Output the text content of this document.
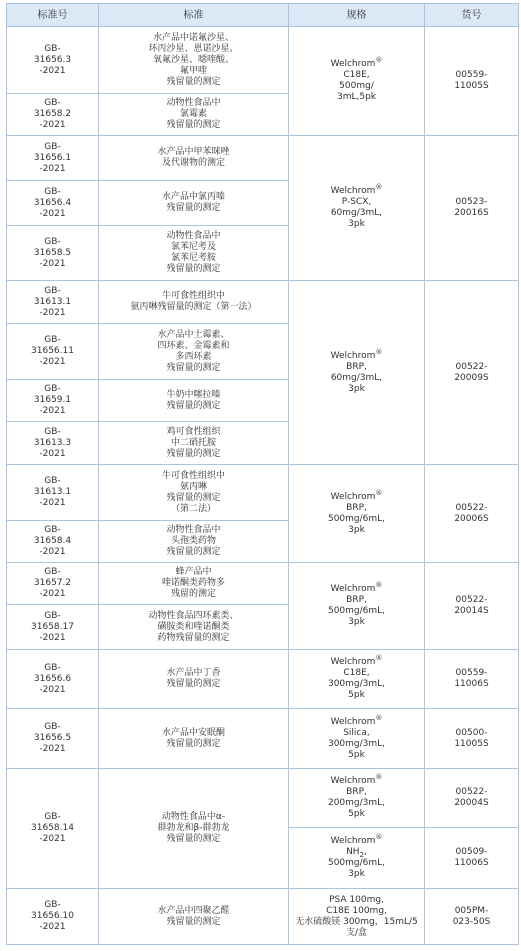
标准号	标准	规格	货号

GB-
31656.3
-2021	水产品中诺氟沙星、
环丙沙星、恩诺沙星、
氧氟沙星、噁喹酸、
氟甲喹
残留量的测定	Welchrom®
C18E,
500mg/
3mL,5pk	00559-
11005S

GB-
31658.2
-2021	动物性食品中
氯霉素
残留量的测定		

GB-
31656.1
-2021	水产品中甲苯咪唑
及代谢物的测定	Welchrom®
P-SCX,
60mg/3mL,
3pk	00523-
20016S

GB-
31656.4
-2021	水产品中氯丙嗪
残留量的测定		

GB-
31658.5
-2021	动物性食品中
氯苯尼考及
氯苯尼考胺
残留量的测定		

GB-
31613.1
-2021	牛可食性组织中
氨丙啉残留量的测定（第一法）	Welchrom®
BRP,
60mg/3mL,
3pk	00522-
20009S

GB-
31656.11
-2021	水产品中土霉素、
四环素、金霉素和
多西环素
残留量的测定		

GB-
31659.1
-2021	牛奶中噻拉嗪
残留量的测定		

GB-
31613.3
-2021	鸡可食性组织
中二硝托胺
残留量的测定		

GB-
31613.1
-2021	牛可食性组织中
氨丙啉
残留量的测定
（第二法）	Welchrom®
BRP,
500mg/6mL,
3pk	00522-
20006S

GB-
31658.4
-2021	动物性食品中
头孢类药物
残留量的测定		

GB-
31657.2
-2021	蜂产品中
喹诺酮类药物多
残留的测定	Welchrom®
BRP,
500mg/6mL,
3pk	00522-
20014S

GB-
31658.17
-2021	动物性食品四环素类、
磺胺类和喹诺酮类
药物残留量的测定		

GB-
31656.6
-2021	水产品中丁香
残留量的测定	Welchrom®
C18E,
300mg/3mL,
5pk	00559-
11006S

GB-
31656.5
-2021	水产品中安眠酮
残留量的测定	Welchrom®
Silica,
300mg/3mL,
5pk	00500-
11005S

GB-
31658.14
-2021	动物性食品中α-
群勃龙和β-群勃龙
残留量的测定	Welchrom®
BRP,
200mg/3mL,
5pk	00522-
20004S

		Welchrom®
$NH_2$,
500mg/6mL,
3pk	00509-
11006S

GB-
31656.10
-2021	水产品中四聚乙醛
残留量的测定	PSA 100mg,
C18E 100mg,
无水硫酸镁 300mg，15mL/5
支/盒	005PM-
023-50S
